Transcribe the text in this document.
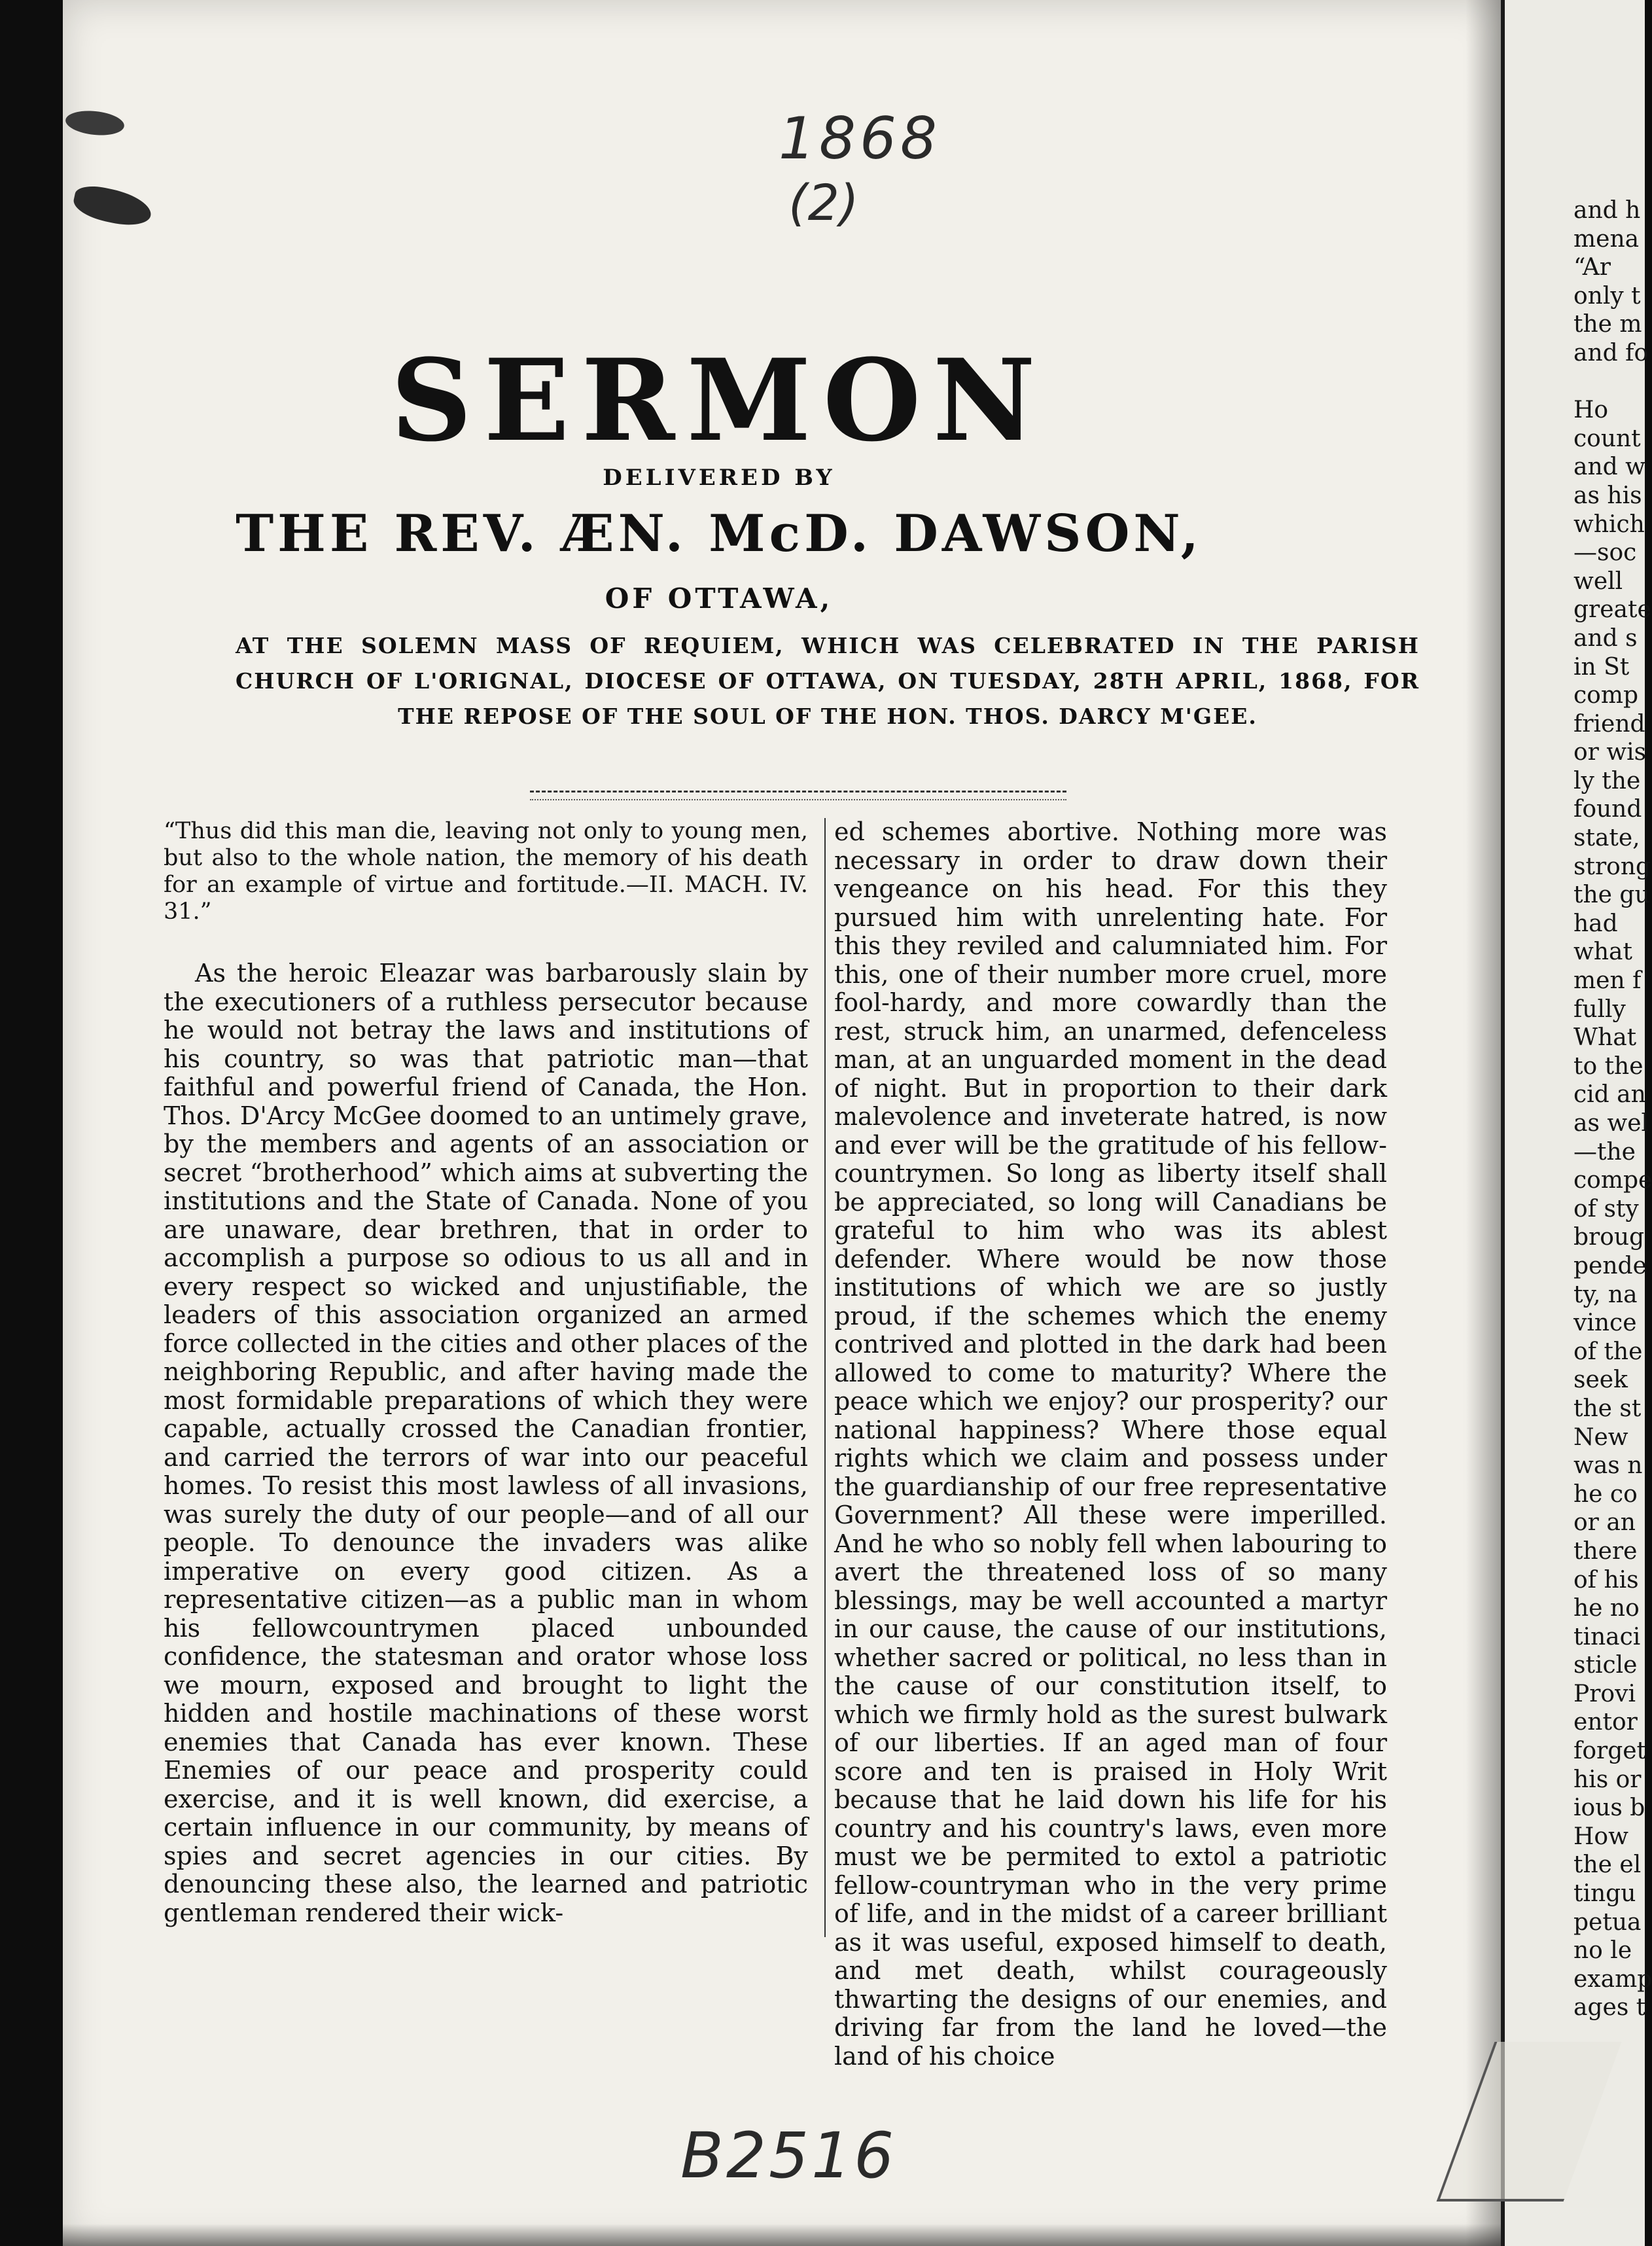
1868
(2)
SERMON
DELIVERED BY
THE REV. ÆN. McD. DAWSON,
OF OTTAWA,
AT THE SOLEMN MASS OF REQUIEM, WHICH WAS CELEBRATED IN THE PARISH CHURCH OF L'ORIGNAL, DIOCESE OF OTTAWA, ON TUESDAY, 28TH APRIL, 1868, FOR THE REPOSE OF THE SOUL OF THE HON. THOS. DARCY M'GEE.

“Thus did this man die, leaving not only to young men, but also to the whole nation, the memory of his death for an example of virtue and fortitude.—II. MACH. IV. 31.”

As the heroic Eleazar was barbarously slain by the executioners of a ruthless persecutor because he would not betray the laws and institutions of his country, so was that patriotic man—that faithful and powerful friend of Canada, the Hon. Thos. D'Arcy McGee doomed to an untimely grave, by the members and agents of an association or secret “brotherhood” which aims at subverting the institutions and the State of Canada. None of you are unaware, dear brethren, that in order to accomplish a purpose so odious to us all and in every respect so wicked and unjustifiable, the leaders of this association organized an armed force collected in the cities and other places of the neighboring Republic, and after having made the most formidable preparations of which they were capable, actually crossed the Canadian frontier, and carried the terrors of war into our peaceful homes. To resist this most lawless of all invasions, was surely the duty of our people—and of all our people. To denounce the invaders was alike imperative on every good citizen. As a representative citizen—as a public man in whom his fellowcountrymen placed unbounded confidence, the statesman and orator whose loss we mourn, exposed and brought to light the hidden and hostile machinations of these worst enemies that Canada has ever known. These Enemies of our peace and prosperity could exercise, and it is well known, did exercise, a certain influence in our community, by means of spies and secret agencies in our cities. By denouncing these also, the learned and patriotic gentleman rendered their wick-

ed schemes abortive. Nothing more was necessary in order to draw down their vengeance on his head. For this they pursued him with unrelenting hate. For this they reviled and calumniated him. For this, one of their number more cruel, more fool-hardy, and more cowardly than the rest, struck him, an unarmed, defenceless man, at an unguarded moment in the dead of night. But in proportion to their dark malevolence and inveterate hatred, is now and ever will be the gratitude of his fellow-countrymen. So long as liberty itself shall be appreciated, so long will Canadians be grateful to him who was its ablest defender. Where would be now those institutions of which we are so justly proud, if the schemes which the enemy contrived and plotted in the dark had been allowed to come to maturity? Where the peace which we enjoy? our prosperity? our national happiness? Where those equal rights which we claim and possess under the guardianship of our free representative Government? All these were imperilled. And he who so nobly fell when labouring to avert the threatened loss of so many blessings, may be well accounted a martyr in our cause, the cause of our institutions, whether sacred or political, no less than in the cause of our constitution itself, to which we firmly hold as the surest bulwark of our liberties. If an aged man of four score and ten is praised in Holy Writ because that he laid down his life for his country and his country's laws, even more must we be permited to extol a patriotic fellow-countryman who in the very prime of life, and in the midst of a career brilliant as it was useful, exposed himself to death, and met death, whilst courageously thwarting the designs of our enemies, and driving far from the land he loved—the land of his choice

and h
mena
“Ar
only t
the m
and fo

Ho
count
and w
as his
which
—soc
well
greate
and s
in St
comp
friend
or wis
ly the
found
state,
strong
the gu
had
what
men f
fully
What
to the
cid an
as wel
—the
compe
of sty
broug
pende
ty, na
vince
of the
seek
the st
New
was n
he co
or an
there
of his
he no
tinaci
sticle
Provi
entor
forget
his or
ious b
How
the el
tingu
petua
no le
examp
ages t
B2516
